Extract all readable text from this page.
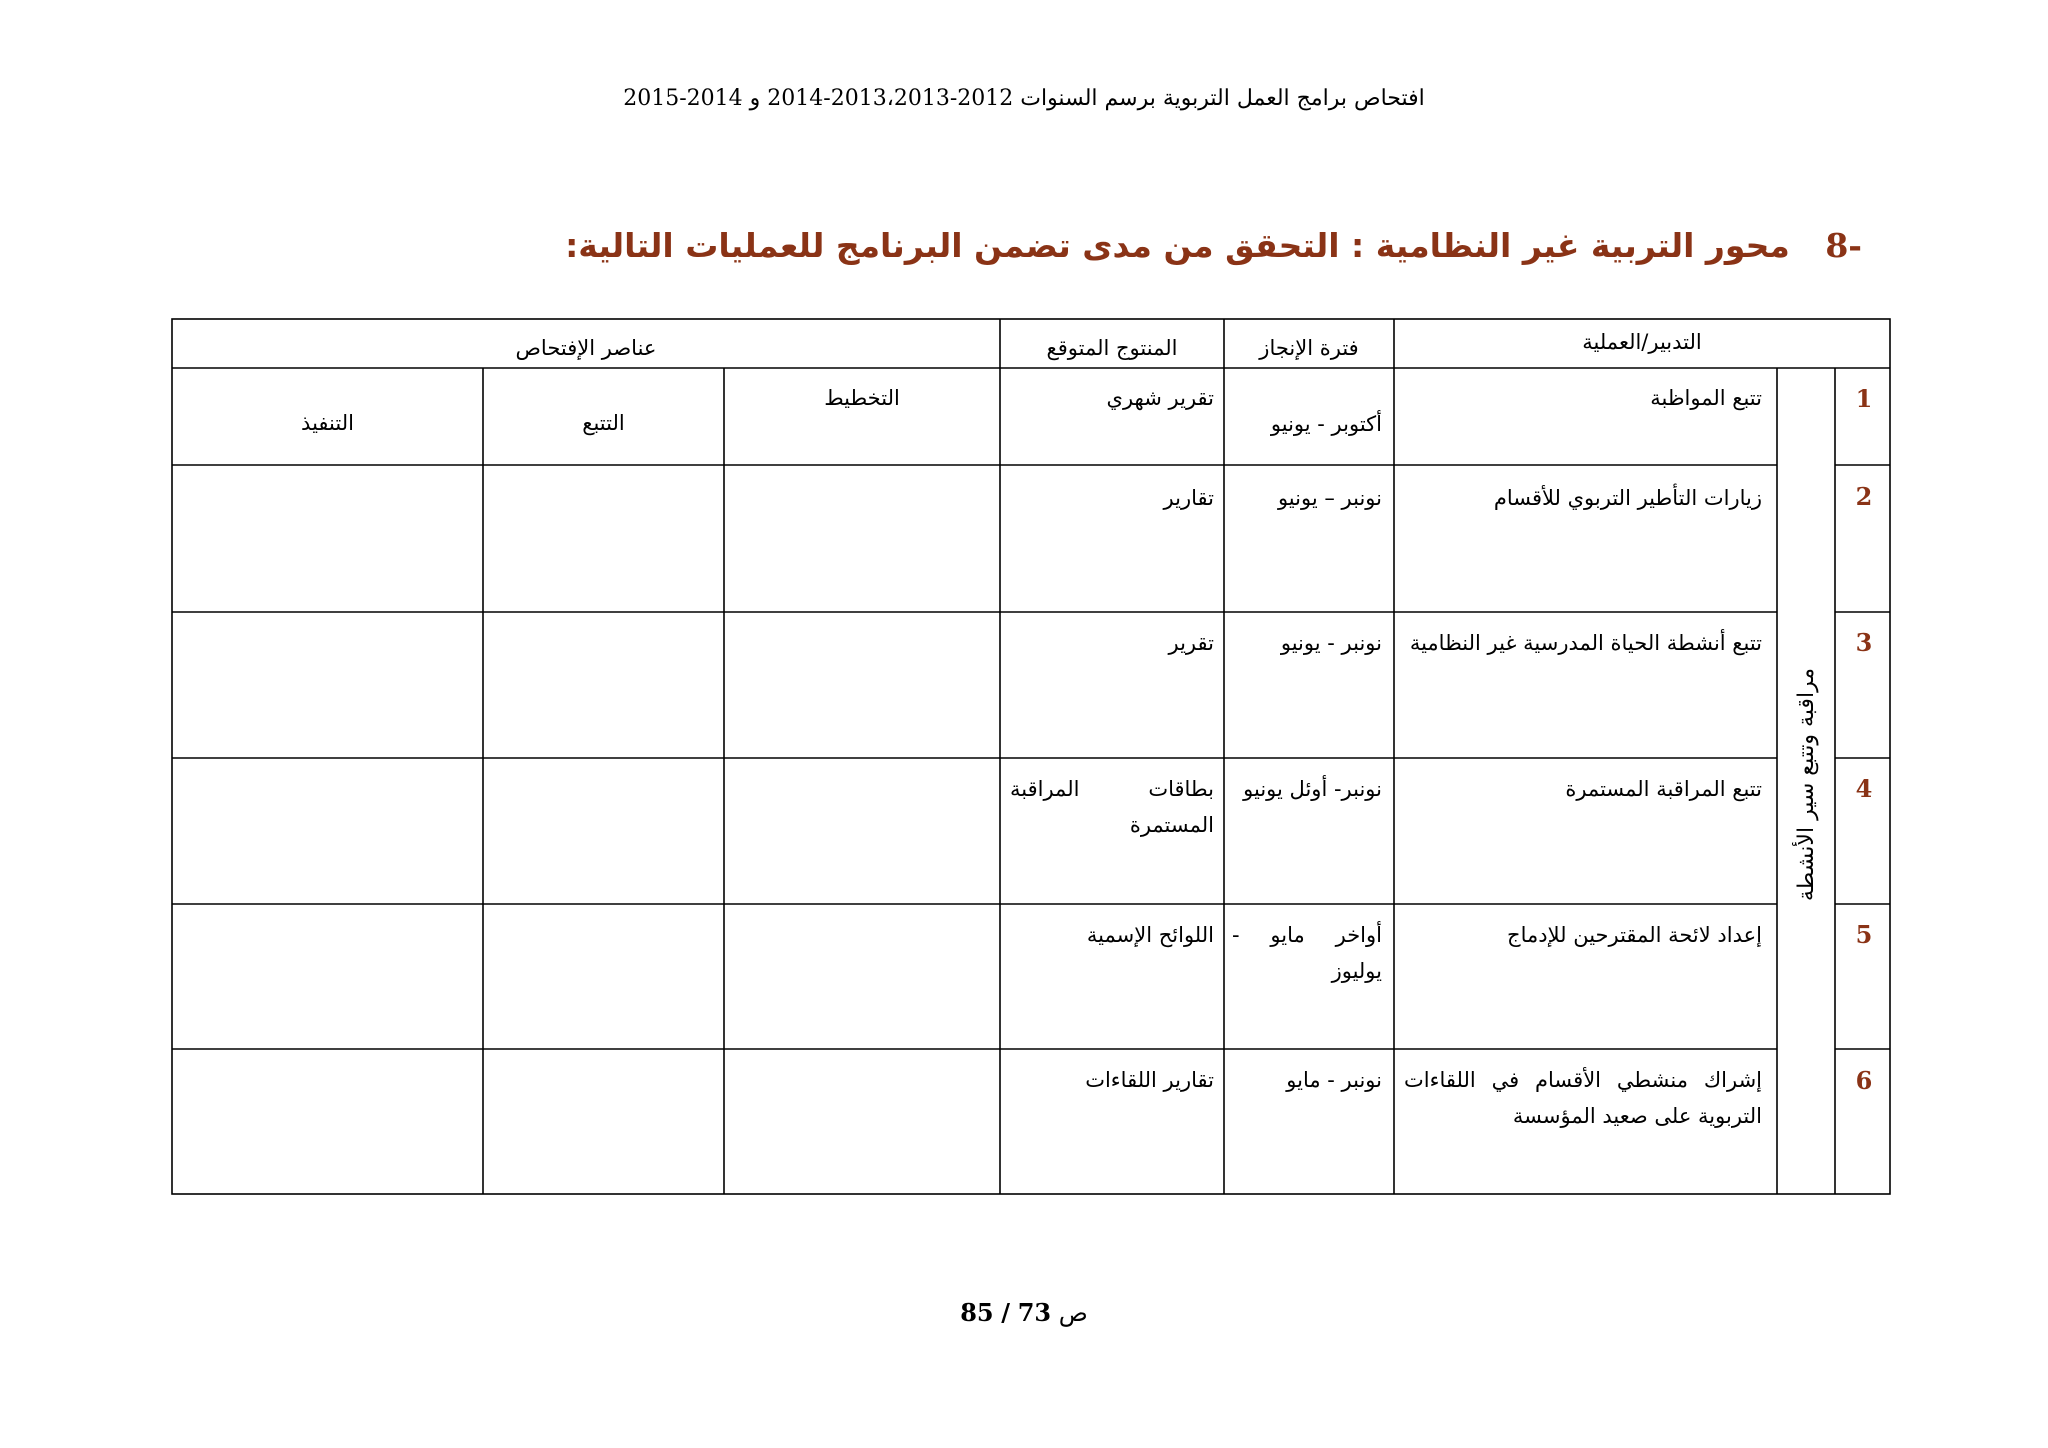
افتحاص برامج العمل التربوية برسم السنوات 2012-2013،2013-2014 و 2014-2015
-8 محور التربية غير النظامية : التحقق من مدى تضمن البرنامج للعمليات التالية:
التدبير/العملية
فترة الإنجاز
المنتوج المتوقع
عناصر الإفتحاص
التخطيط
التتبع
التنفيذ
مراقبة وتتبع سير الأنشطة
1
تتبع المواظبة
أكتوبر - يونيو
تقرير شهري
2
زيارات التأطير التربوي للأقسام
نونبر – يونيو
تقارير
3
تتبع أنشطة الحياة المدرسية غير النظامية
نونبر - يونيو
تقرير
4
تتبع المراقبة المستمرة
نونبر- أوئل يونيو
بطاقات المراقبة المستمرة
5
إعداد لائحة المقترحين للإدماج
أواخر مايو - يوليوز
اللوائح الإسمية
6
إشراك منشطي الأقسام في اللقاءات التربوية على صعيد المؤسسة
نونبر - مايو
تقارير اللقاءات
85 / 73 ص
